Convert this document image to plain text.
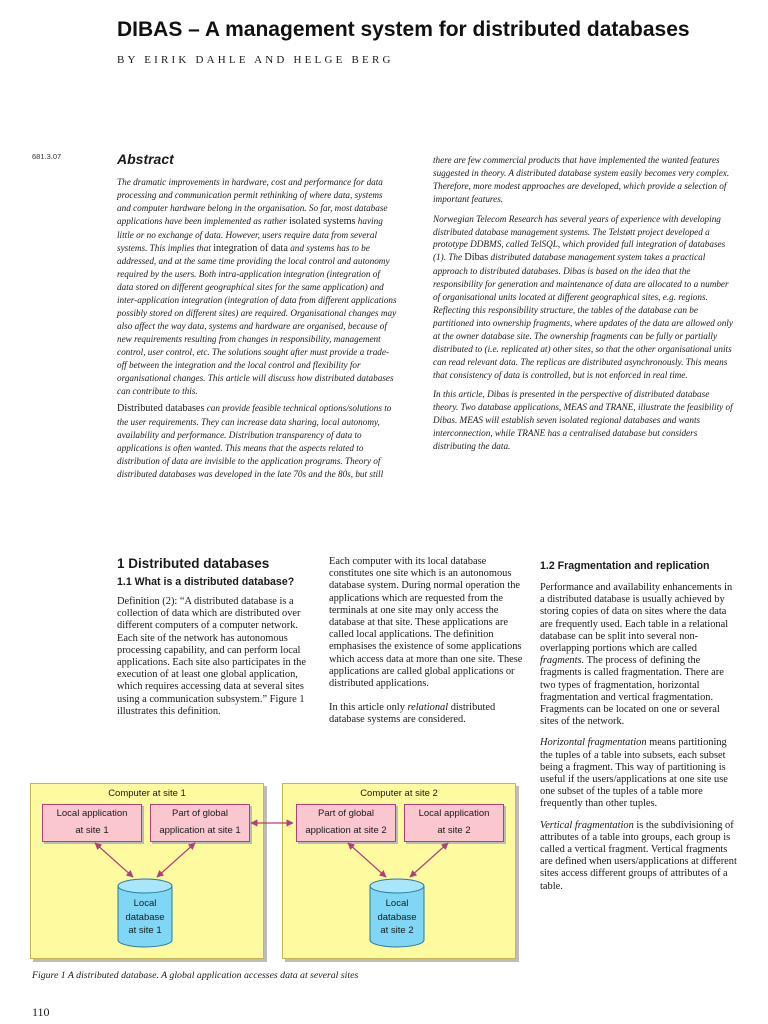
DIBAS – A management system for distributed databases
BY EIRIK DAHLE AND HELGE BERG
681.3.07	Abstract

The dramatic improvements in hardware, cost and performance for data processing and communication permit rethinking of where data, systems and computer hardware belong in the organisation. So far, most database applications have been implemented as rather isolated systems having little or no exchange of data. However, users require data from several systems. This implies that integration of data and systems has to be addressed, and at the same time providing the local control and autonomy required by the users. Both intra-application integration (integration of data stored on different geographical sites for the same application) and inter-application integration (integration of data from different applications possibly stored on different sites) are required. Organisational changes may also affect the way data, systems and hardware are organised, because of new requirements resulting from changes in responsibility, management control, user control, etc. The solutions sought after must provide a trade-off between the integration and the local control and flexibility for organisational changes. This article will discuss how distributed databases can contribute to this.

Distributed databases can provide feasible technical options/solutions to the user requirements. They can increase data sharing, local autonomy, availability and performance. Distribution transparency of data to applications is often wanted. This means that the aspects related to distribution of data are invisible to the application programs. Theory of distributed databases was developed in the late 70s and the 80s, but still

there are few commercial products that have implemented the wanted features suggested in theory. A distributed database system easily becomes very complex. Therefore, more modest approaches are developed, which provide a selection of important features.

Norwegian Telecom Research has several years of experience with developing distributed database management systems. The Telstøtt project developed a prototype DDBMS, called TelSQL, which provided full integration of databases (1). The Dibas distributed database management system takes a practical approach to distributed databases. Dibas is based on the idea that the responsibility for generation and maintenance of data are allocated to a number of organisational units located at different geographical sites, e.g. regions. Reflecting this responsibility structure, the tables of the database can be partitioned into ownership fragments, where updates of the data are allowed only at the owner database site. The ownership fragments can be fully or partially distributed to (i.e. replicated at) other sites, so that the other organisational units can read relevant data. The replicas are distributed asynchronously. This means that consistency of data is controlled, but is not enforced in real time.

In this article, Dibas is presented in the perspective of distributed database theory. Two database applications, MEAS and TRANE, illustrate the feasibility of Dibas. MEAS will establish seven isolated regional databases and wants interconnection, while TRANE has a centralised database but considers distributing the data.

1 Distributed databases
1.1 What is a distributed database?

Definition (2): “A distributed database is a collection of data which are distributed over different computers of a computer network. Each site of the network has autonomous processing capability, and can perform local applications. Each site also participates in the execution of at least one global application, which requires accessing data at several sites using a communication subsystem.” Figure 1 illustrates this definition.

Each computer with its local database constitutes one site which is an autonomous database system. During normal operation the applications which are requested from the terminals at one site may only access the database at that site. These applications are called local applications. The definition emphasises the existence of some applications which access data at more than one site. These applications are called global applications or distributed applications.

In this article only relational distributed database systems are considered.

1.2 Fragmentation and replication

Performance and availability enhancements in a distributed database is usually achieved by storing copies of data on sites where the data are frequently used. Each table in a relational database can be split into several non-overlapping portions which are called fragments. The process of defining the fragments is called fragmentation. There are two types of fragmentation, horizontal fragmentation and vertical fragmentation. Fragments can be located on one or several sites of the network.

Horizontal fragmentation means partitioning the tuples of a table into subsets, each subset being a fragment. This way of partitioning is useful if the users/applications at one site use one subset of the tuples of a table more frequently than other tuples.

Vertical fragmentation is the subdivisioning of attributes of a table into groups, each group is called a vertical fragment. Vertical fragments are defined when users/applications at different sites access different groups of attributes of a table.

Computer at site 1	Computer at site 2
Local application
at site 1
Part of global
application at site 1
Part of global
application at site 2
Local application
at site 2
Local
database
at site 1
Local
database
at site 2
Figure 1 A distributed database. A global application accesses data at several sites
110
